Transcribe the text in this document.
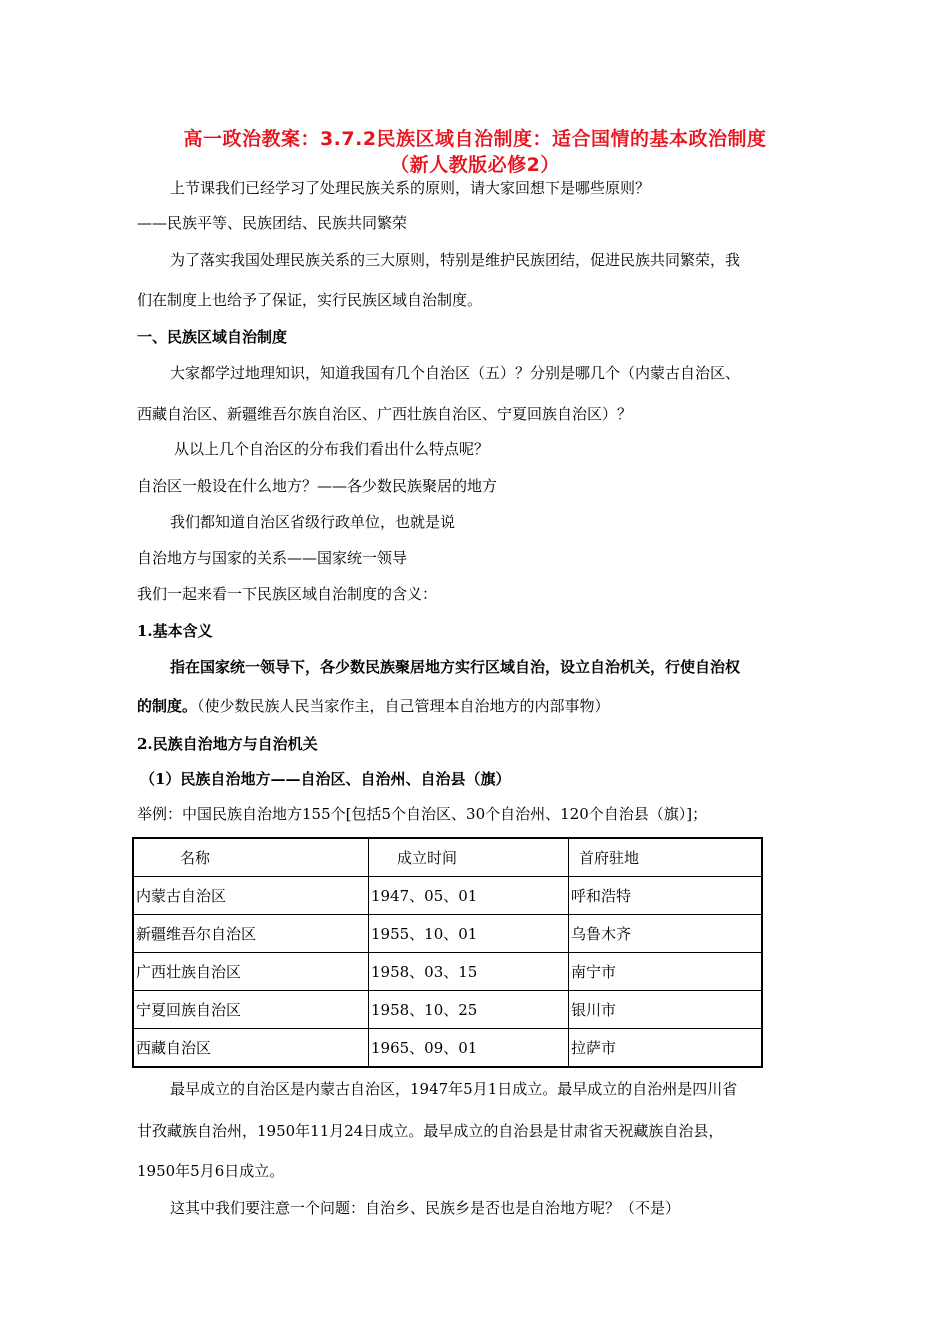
高一政治教案：3.7.2民族区域自治制度：适合国情的基本政治制度
（新人教版必修2）
上节课我们已经学习了处理民族关系的原则，请大家回想下是哪些原则？
——民族平等、民族团结、民族共同繁荣
为了落实我国处理民族关系的三大原则，特别是维护民族团结，促进民族共同繁荣，我
们在制度上也给予了保证，实行民族区域自治制度。
一、民族区域自治制度
大家都学过地理知识，知道我国有几个自治区（五）？分别是哪几个（内蒙古自治区、
西藏自治区、新疆维吾尔族自治区、广西壮族自治区、宁夏回族自治区）？
从以上几个自治区的分布我们看出什么特点呢？
自治区一般设在什么地方？——各少数民族聚居的地方
我们都知道自治区省级行政单位，也就是说
自治地方与国家的关系——国家统一领导
我们一起来看一下民族区域自治制度的含义：
1.基本含义
指在国家统一领导下，各少数民族聚居地方实行区域自治，设立自治机关，行使自治权
的制度。（使少数民族人民当家作主，自己管理本自治地方的内部事物）
2.民族自治地方与自治机关
（1）民族自治地方——自治区、自治州、自治县（旗）
举例：中国民族自治地方155个[包括5个自治区、30个自治州、120个自治县（旗）]；
名称	成立时间	首府驻地
内蒙古自治区	1947、05、01	呼和浩特
新疆维吾尔自治区	1955、10、01	乌鲁木齐
广西壮族自治区	1958、03、15	南宁市
宁夏回族自治区	1958、10、25	银川市
西藏自治区	1965、09、01	拉萨市
最早成立的自治区是内蒙古自治区，1947年5月1日成立。最早成立的自治州是四川省
甘孜藏族自治州，1950年11月24日成立。最早成立的自治县是甘肃省天祝藏族自治县，
1950年5月6日成立。
这其中我们要注意一个问题：自治乡、民族乡是否也是自治地方呢？（不是）
